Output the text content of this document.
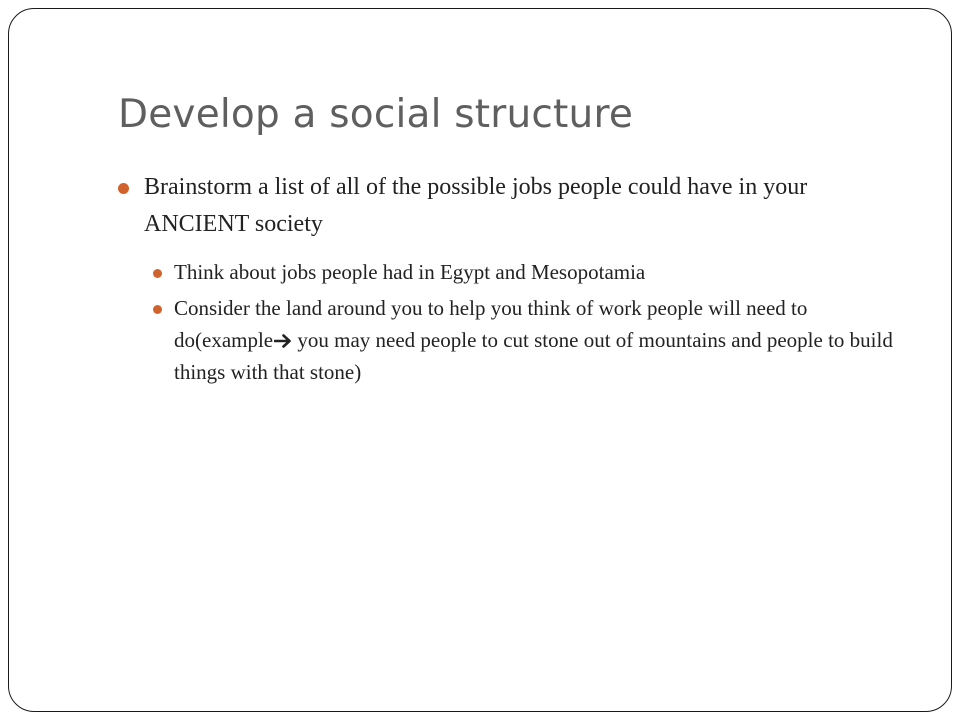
Develop a social structure
Brainstorm a list of all of the possible jobs people could have in your ANCIENT society
Think about jobs people had in Egypt and Mesopotamia
Consider the land around you to help you think of work people will need to do(example you may need people to cut stone out of mountains and people to build things with that stone)
